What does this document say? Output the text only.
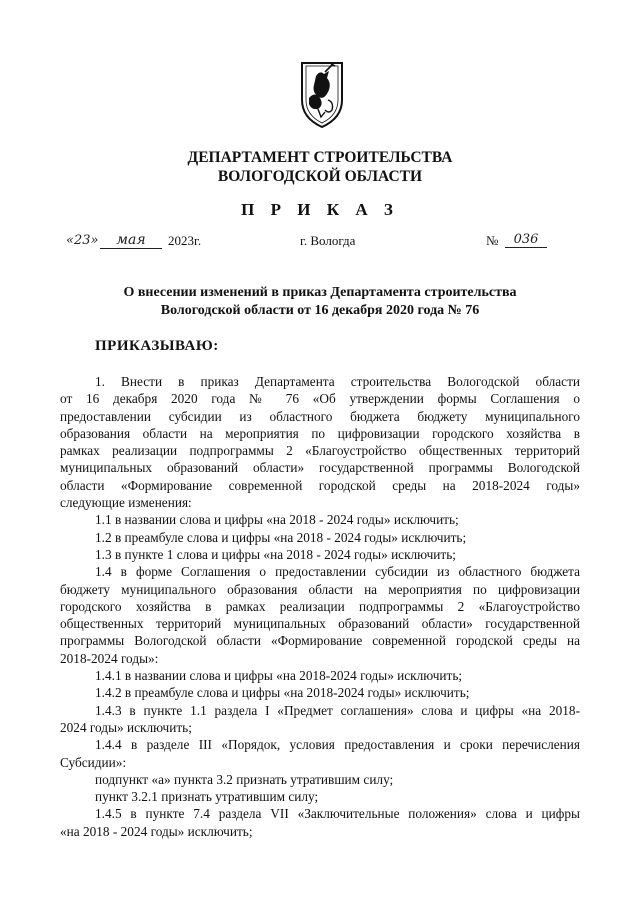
ДЕПАРТАМЕНТ СТРОИТЕЛЬСТВА
ВОЛОГОДСКОЙ ОБЛАСТИ
П Р И К А З
«23»	мая	2023г.	г. Вологда	№	036
О внесении изменений в приказ Департамента строительства
Вологодской области от 16 декабря 2020 года № 76
ПРИКАЗЫВАЮ:

1. Внести в приказ Департамента строительства Вологодской области

от 16 декабря 2020 года № 76 «Об утверждении формы Соглашения о

предоставлении субсидии из областного бюджета бюджету муниципального

образования области на мероприятия по цифровизации городского хозяйства в

рамках реализации подпрограммы 2 «Благоустройство общественных территорий

муниципальных образований области» государственной программы Вологодской

области «Формирование современной городской среды на 2018-2024 годы»

следующие изменения:

1.1 в названии слова и цифры «на 2018 - 2024 годы» исключить;

1.2 в преамбуле слова и цифры «на 2018 - 2024 годы» исключить;

1.3 в пункте 1 слова и цифры «на 2018 - 2024 годы» исключить;

1.4 в форме Соглашения о предоставлении субсидии из областного бюджета

бюджету муниципального образования области на мероприятия по цифровизации

городского хозяйства в рамках реализации подпрограммы 2 «Благоустройство

общественных территорий муниципальных образований области» государственной

программы Вологодской области «Формирование современной городской среды на

2018-2024 годы»:

1.4.1 в названии слова и цифры «на 2018-2024 годы» исключить;

1.4.2 в преамбуле слова и цифры «на 2018-2024 годы» исключить;

1.4.3 в пункте 1.1 раздела I «Предмет соглашения» слова и цифры «на 2018-

2024 годы» исключить;

1.4.4 в разделе III «Порядок, условия предоставления и сроки перечисления

Субсидии»:

подпункт «а» пункта 3.2 признать утратившим силу;

пункт 3.2.1 признать утратившим силу;

1.4.5 в пункте 7.4 раздела VII «Заключительные положения» слова и цифры

«на 2018 - 2024 годы» исключить;
